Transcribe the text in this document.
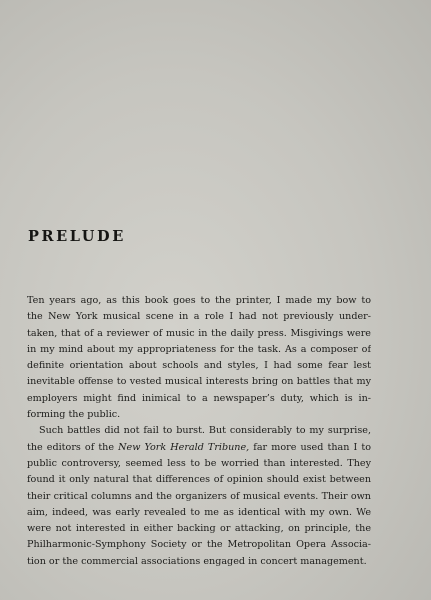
PRELUDE
Ten years ago, as this book goes to the printer, I made my bow to
the New York musical scene in a role I had not previously under-
taken, that of a reviewer of music in the daily press. Misgivings were
in my mind about my appropriateness for the task. As a composer of
definite orientation about schools and styles, I had some fear lest
inevitable offense to vested musical interests bring on battles that my
employers might find inimical to a newspaper’s duty, which is in-
forming the public.
Such battles did not fail to burst. But considerably to my surprise,
the editors of the New York Herald Tribune, far more used than I to
public controversy, seemed less to be worried than interested. They
found it only natural that differences of opinion should exist between
their critical columns and the organizers of musical events. Their own
aim, indeed, was early revealed to me as identical with my own. We
were not interested in either backing or attacking, on principle, the
Philharmonic-Symphony Society or the Metropolitan Opera Associa-
tion or the commercial associations engaged in concert management.
